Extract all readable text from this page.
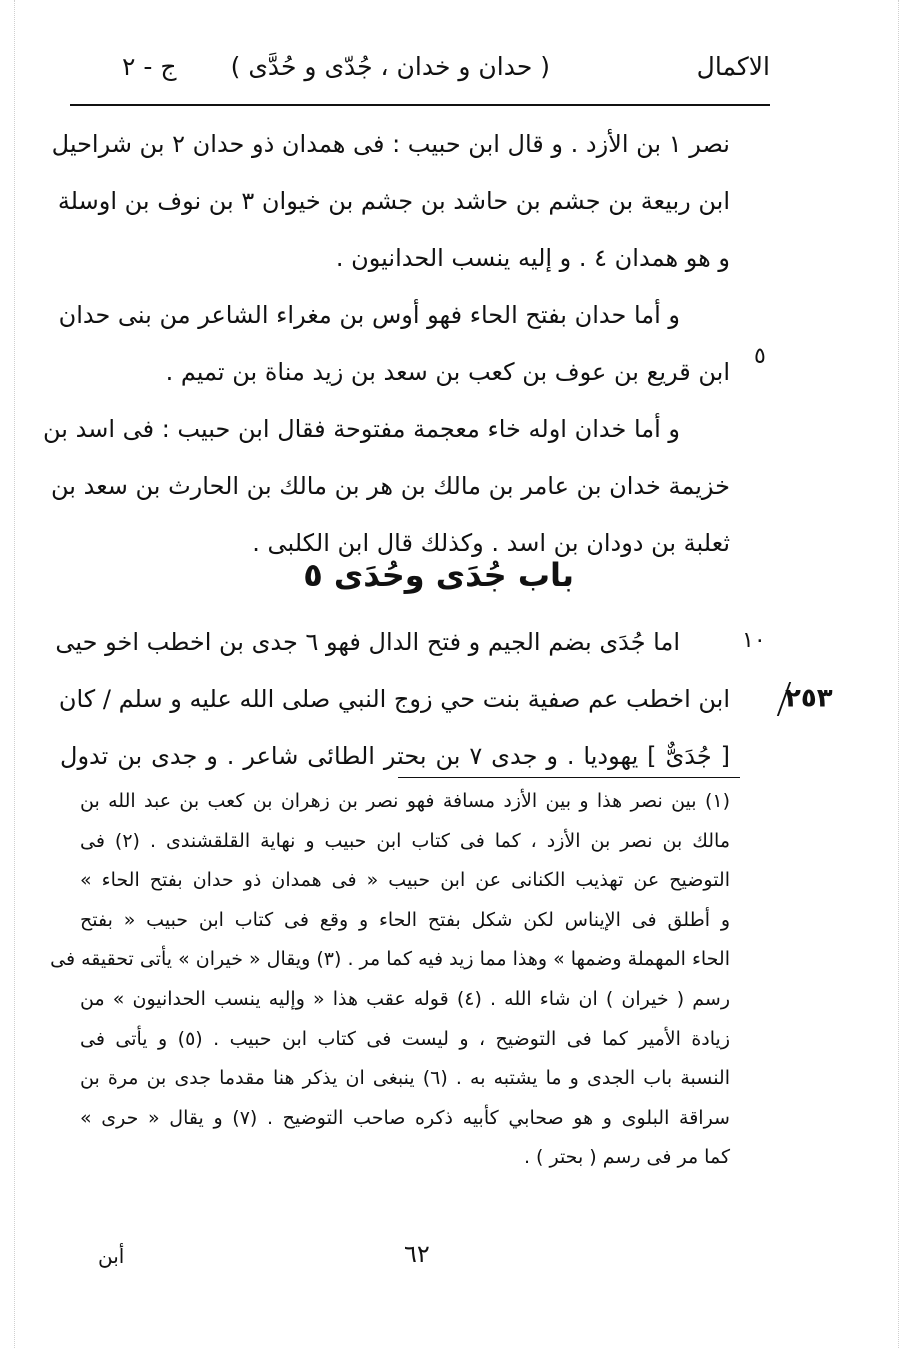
الاكمال
( حدان و خدان ، جُدّى و حُدَّى )
ج - ٢
نصر ١ بن الأزد . و قال ابن حبيب : فى همدان ذو حدان ٢ بن شراحيل
ابن ربيعة بن جشم بن حاشد بن جشم بن خيوان ٣ بن نوف بن اوسلة
و هو همدان ٤ . و إليه ينسب الحدانيون .
و أما حدان بفتح الحاء فهو أوس بن مغراء الشاعر من بنى حدان
ابن قريع بن عوف بن كعب بن سعد بن زيد مناة بن تميم .
و أما خدان اوله خاء معجمة مفتوحة فقال ابن حبيب : فى اسد بن
خزيمة خدان بن عامر بن مالك بن هر بن مالك بن الحارث بن سعد بن
ثعلبة بن دودان بن اسد . وكذلك قال ابن الكلبى .
٥
باب جُدَى وحُدَى ٥
اما جُدَى بضم الجيم و فتح الدال فهو ٦ جدى بن اخطب اخو حيى
ابن اخطب عم صفية بنت حي زوج النبي صلى الله عليه و سلم / كان
[ جُدَىٌّ ] يهوديا . و جدى ٧ بن بحتر الطائى شاعر . و جدى بن تدول
١٠
٢٥٣
(١) بين نصر هذا و بين الأزد مسافة فهو نصر بن زهران بن كعب بن عبد الله بن
مالك بن نصر بن الأزد ، كما فى كتاب ابن حبيب و نهاية القلقشندى . (٢) فى
التوضيح عن تهذيب الكنانى عن ابن حبيب « فى همدان ذو حدان بفتح الحاء »
و أطلق فى الإيناس لكن شكل بفتح الحاء و وقع فى كتاب ابن حبيب « بفتح
الحاء المهملة وضمها » وهذا مما زيد فيه كما مر . (٣) ويقال « خيران » يأتى تحقيقه فى
رسم ( خيران ) ان شاء الله . (٤) قوله عقب هذا « وإليه ينسب الحدانيون » من
زيادة الأمير كما فى التوضيح ، و ليست فى كتاب ابن حبيب . (٥) و يأتى فى
النسبة باب الجدى و ما يشتبه به . (٦) ينبغى ان يذكر هنا مقدما جدى بن مرة بن
سراقة البلوى و هو صحابي كأبيه ذكره صاحب التوضيح . (٧) و يقال « حرى »
كما مر فى رسم ( بحتر ) .
٦٢
أبن
